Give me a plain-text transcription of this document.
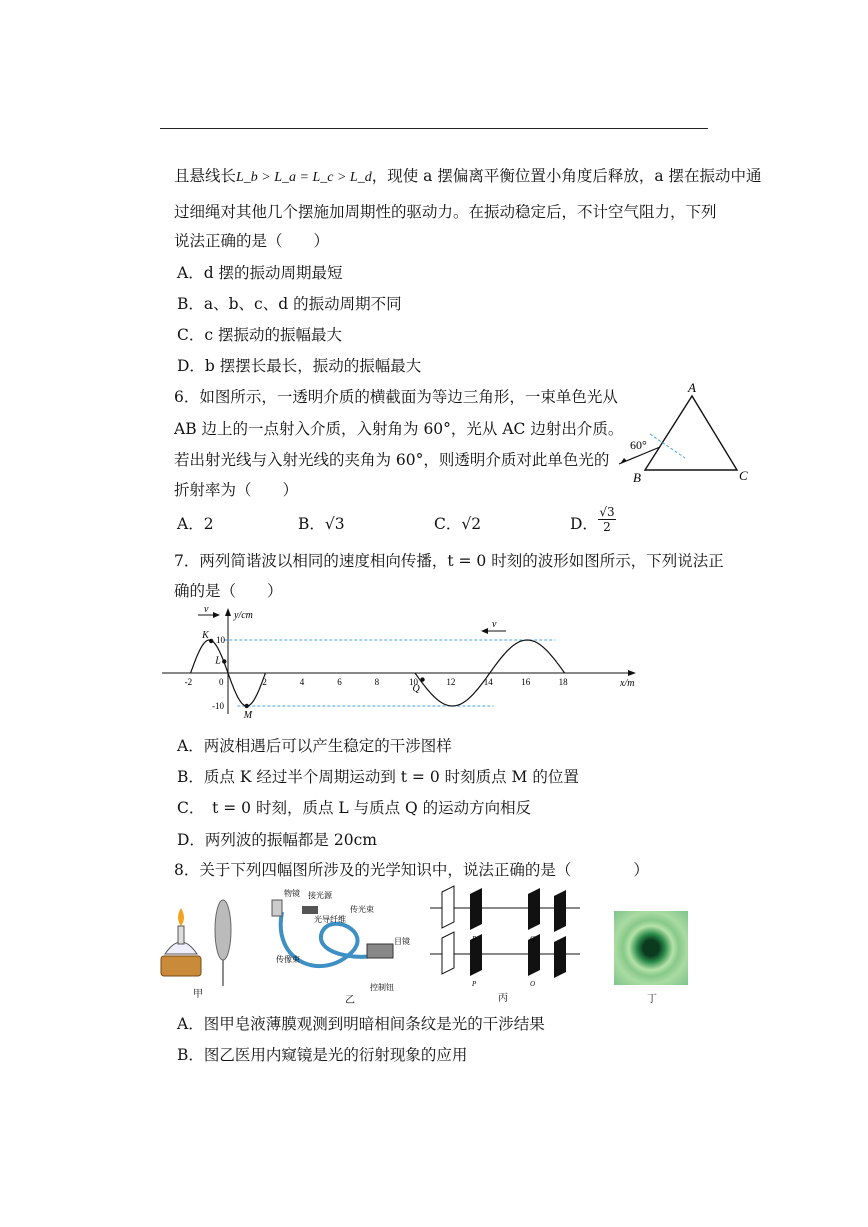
且悬线长L_b > L_a = L_c > L_d，现使 a 摆偏离平衡位置小角度后释放，a 摆在振动中通
过细绳对其他几个摆施加周期性的驱动力。在振动稳定后，不计空气阻力，下列
说法正确的是（　　）
A．d 摆的振动周期最短
B．a、b、c、d 的振动周期不同
C．c 摆振动的振幅最大
D．b 摆摆长最长，振动的振幅最大
6．如图所示，一透明介质的横截面为等边三角形，一束单色光从
AB 边上的一点射入介质，入射角为 60°，光从 AC 边射出介质。
若出射光线与入射光线的夹角为 60°，则透明介质对此单色光的
折射率为（　　）
A．2	B．√3	C．√2	D． $\frac{√3}{2}$
A
B	C
60°
7．两列简谐波以相同的速度相向传播，t = 0 时刻的波形如图所示，下列说法正
确的是（　　）
y/cm
x/m
-2	0	2	4	6	8	10	12	14	16	18
10
-10
K
L
M
Q
v
v
A．两波相遇后可以产生稳定的干涉图样
B．质点 K 经过半个周期运动到 t = 0 时刻质点 M 的位置
C．　t = 0 时刻，质点 L 与质点 Q 的运动方向相反
D．两列波的振幅都是 20cm
8．关于下列四幅图所涉及的光学知识中，说法正确的是（　　　　）
甲
物镜 接光源
传光束
光导纤维
传像束
目镜
控制钮
乙
P	Q
P	Q
丙	丁
A．图甲皂液薄膜观测到明暗相间条纹是光的干涉结果
B．图乙医用内窥镜是光的衍射现象的应用
